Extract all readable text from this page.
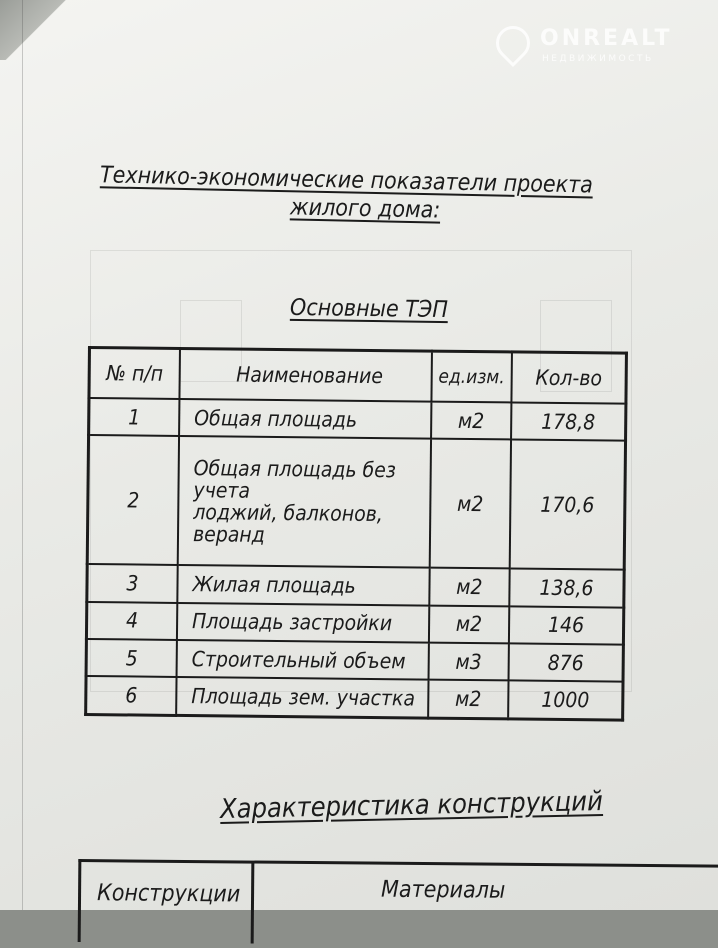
ONREALT
НЕДВИЖИМОСТЬ
Технико-экономические показатели проекта
жилого дома:
Основные ТЭП
№ п/п	Наименование	ед.изм.	Кол-во
1	Общая площадь	м2	178,8
2	Общая площадь без учета
лоджий, балконов, веранд	м2	170,6
3	Жилая площадь	м2	138,6
4	Площадь застройки	м2	146
5	Строительный объем	м3	876
6	Площадь зем. участка	м2	1000
Характеристика конструкций
Конструкции	Материалы
